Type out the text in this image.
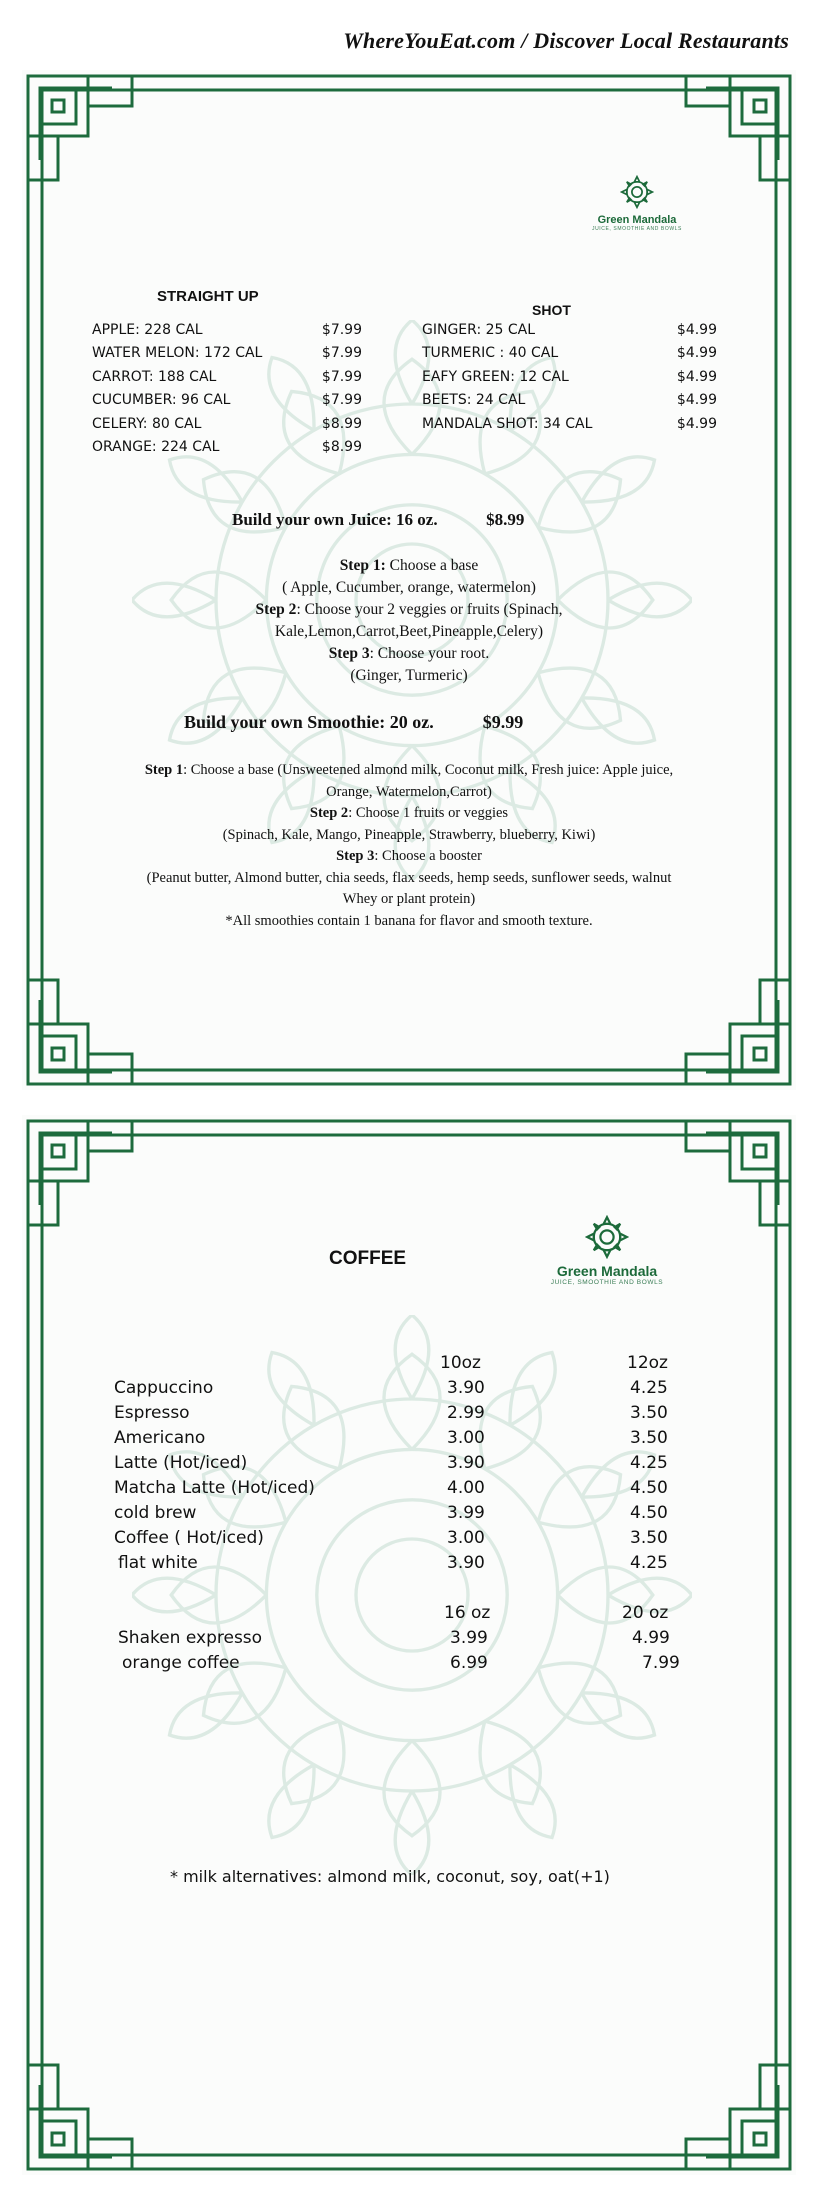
WhereYouEat.com / Discover Local Restaurants
Green Mandala
JUICE, SMOOTHIE AND BOWLS
STRAIGHT UP
SHOT
APPLE: 228 CAL	$7.99
WATER MELON: 172 CAL	$7.99
CARROT: 188 CAL	$7.99
CUCUMBER: 96 CAL	$7.99
CELERY: 80 CAL	$8.99
ORANGE: 224 CAL	$8.99
GINGER: 25 CAL	$4.99
TURMERIC : 40 CAL	$4.99
EAFY GREEN: 12 CAL	$4.99
BEETS: 24 CAL	$4.99
MANDALA SHOT: 34 CAL	$4.99
Build your own Juice: 16 oz.	$8.99
Step 1: Choose a base
( Apple, Cucumber, orange, watermelon)
Step 2: Choose your 2 veggies or fruits (Spinach,
Kale,Lemon,Carrot,Beet,Pineapple,Celery)
Step 3: Choose your root.
(Ginger, Turmeric)
Build your own Smoothie: 20 oz.	$9.99
Step 1: Choose a base (Unsweetened almond milk, Coconut milk, Fresh juice: Apple juice,
Orange, Watermelon,Carrot)
Step 2: Choose 1 fruits or veggies
(Spinach, Kale, Mango, Pineapple, Strawberry, blueberry, Kiwi)
Step 3: Choose a booster
(Peanut butter, Almond butter, chia seeds, flax seeds, hemp seeds, sunflower seeds, walnut
Whey or plant protein)
*All smoothies contain 1 banana for flavor and smooth texture.
Green Mandala
JUICE, SMOOTHIE AND BOWLS
COFFEE
10oz	12oz
Cappuccino	3.90	4.25
Espresso	2.99	3.50
Americano	3.00	3.50
Latte (Hot/iced)	3.90	4.25
Matcha Latte (Hot/iced)	4.00	4.50
cold brew	3.99	4.50
Coffee ( Hot/iced)	3.00	3.50
flat white	3.90	4.25
16 oz	20 oz
Shaken expresso	3.99	4.99
orange coffee	6.99	7.99
* milk alternatives: almond milk, coconut, soy, oat(+1)
